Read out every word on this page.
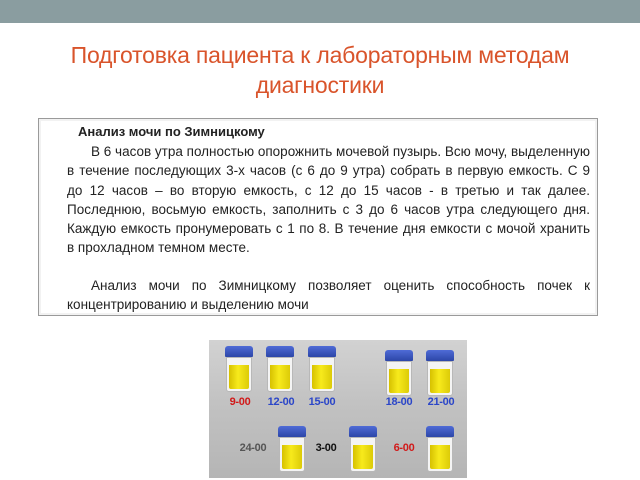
Подготовка пациента к лабораторным методам
диагностики
Анализ мочи по Зимницкому

В 6 часов утра полностью опорожнить мочевой пузырь. Всю мочу, выделенную в течение последующих 3-х часов (с 6 до 9 утра) собрать в первую емкость. С 9 до 12 часов – во вторую емкость, с 12 до 15 часов - в третью и так далее. Последнюю, восьмую емкость, заполнить с 3 до 6 часов утра следующего дня. Каждую емкость пронумеровать с 1 по 8. В течение дня емкости с мочой хранить в прохладном темном месте.

Анализ мочи по Зимницкому позволяет оценить способность почек к концентрированию и выделению мочи

9-00	12-00	15-00	18-00	21-00
24-00	3-00	6-00
